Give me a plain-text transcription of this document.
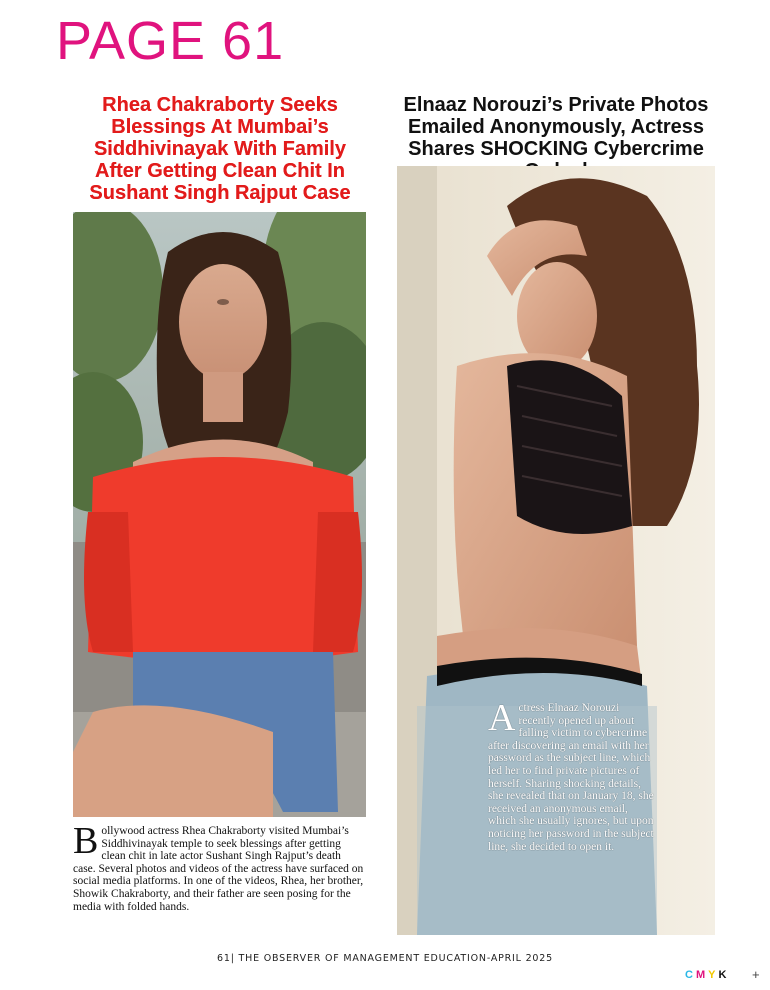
PAGE 61
Rhea Chakraborty Seeks Blessings At Mumbai’s Siddhivinayak With Family After Getting Clean Chit In Sushant Singh Rajput Case
Elnaaz Norouzi’s Private Photos Emailed Anonymously, Actress Shares SHOCKING Cybercrime
Bollywood actress Rhea Chakraborty visited Mumbai’s Siddhivinayak temple to seek blessings after getting clean chit in late actor Sushant Singh Rajput’s death case. Several photos and videos of the actress have surfaced on social media platforms. In one of the videos, Rhea, her brother, Showik Chakraborty, and their father are seen posing for the media with folded hands.
Actress Elnaaz Norouzi recently opened up about falling victim to cybercrime after discovering an email with her password as the subject line, which led her to find private pictures of herself. Sharing shocking details, she revealed that on January 18, she received an anonymous email, which she usually ignores, but upon noticing her password in the subject line, she decided to open it.
61| THE OBSERVER OF MANAGEMENT EDUCATION-APRIL 2025
CMYK +
